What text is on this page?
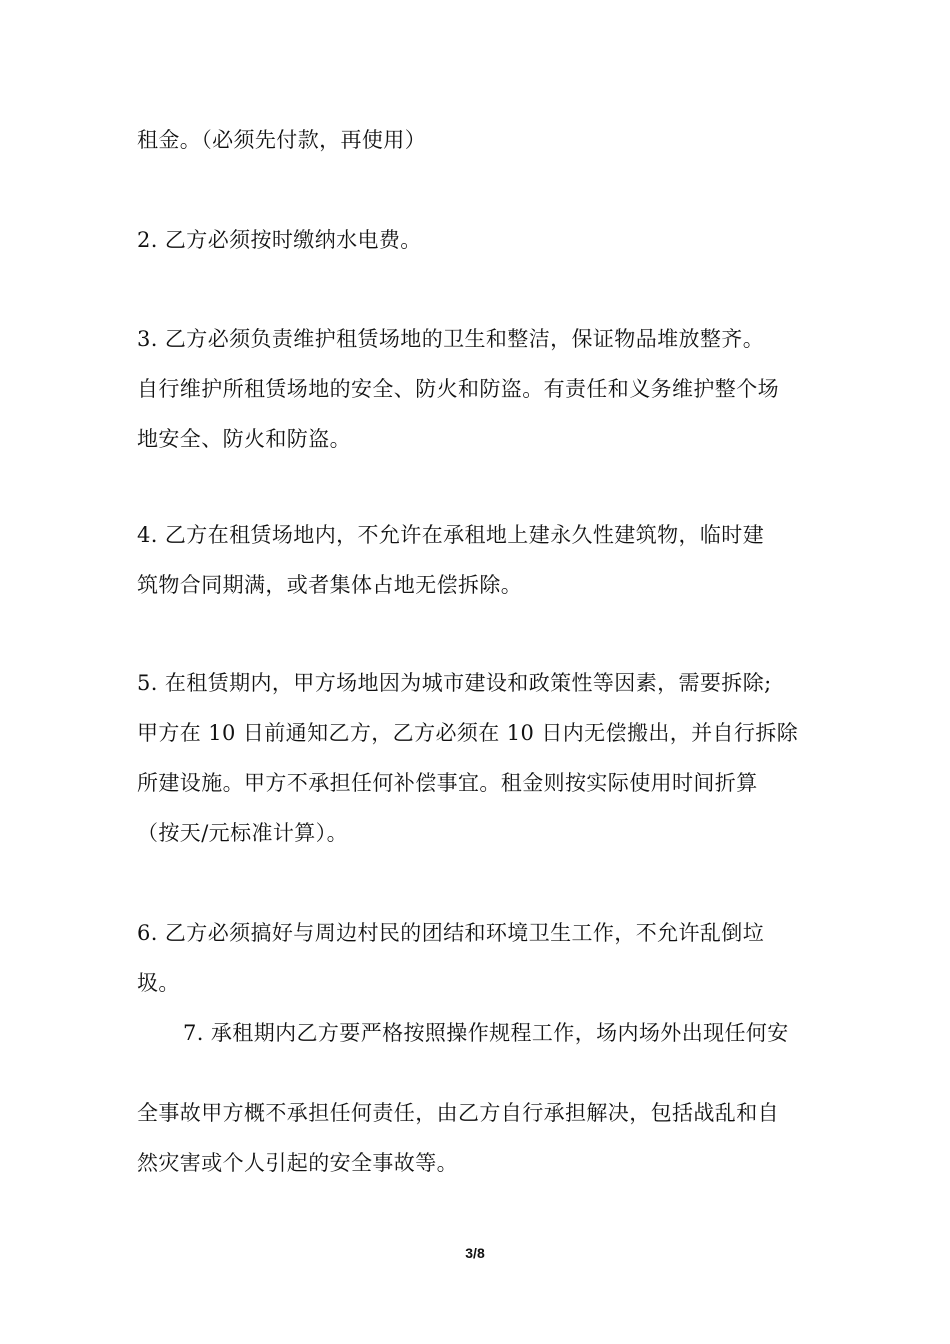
租金。（必须先付款，再使用）
2. 乙方必须按时缴纳水电费。
3. 乙方必须负责维护租赁场地的卫生和整洁，保证物品堆放整齐。
自行维护所租赁场地的安全、防火和防盗。有责任和义务维护整个场
地安全、防火和防盗。
4. 乙方在租赁场地内，不允许在承租地上建永久性建筑物，临时建
筑物合同期满，或者集体占地无偿拆除。
5. 在租赁期内，甲方场地因为城市建设和政策性等因素，需要拆除;
甲方在 10 日前通知乙方，乙方必须在 10 日内无偿搬出，并自行拆除
所建设施。甲方不承担任何补偿事宜。租金则按实际使用时间折算
（按天/元标准计算）。
6. 乙方必须搞好与周边村民的团结和环境卫生工作，不允许乱倒垃
圾。
7. 承租期内乙方要严格按照操作规程工作，场内场外出现任何安
全事故甲方概不承担任何责任，由乙方自行承担解决，包括战乱和自
然灾害或个人引起的安全事故等。
3/8
